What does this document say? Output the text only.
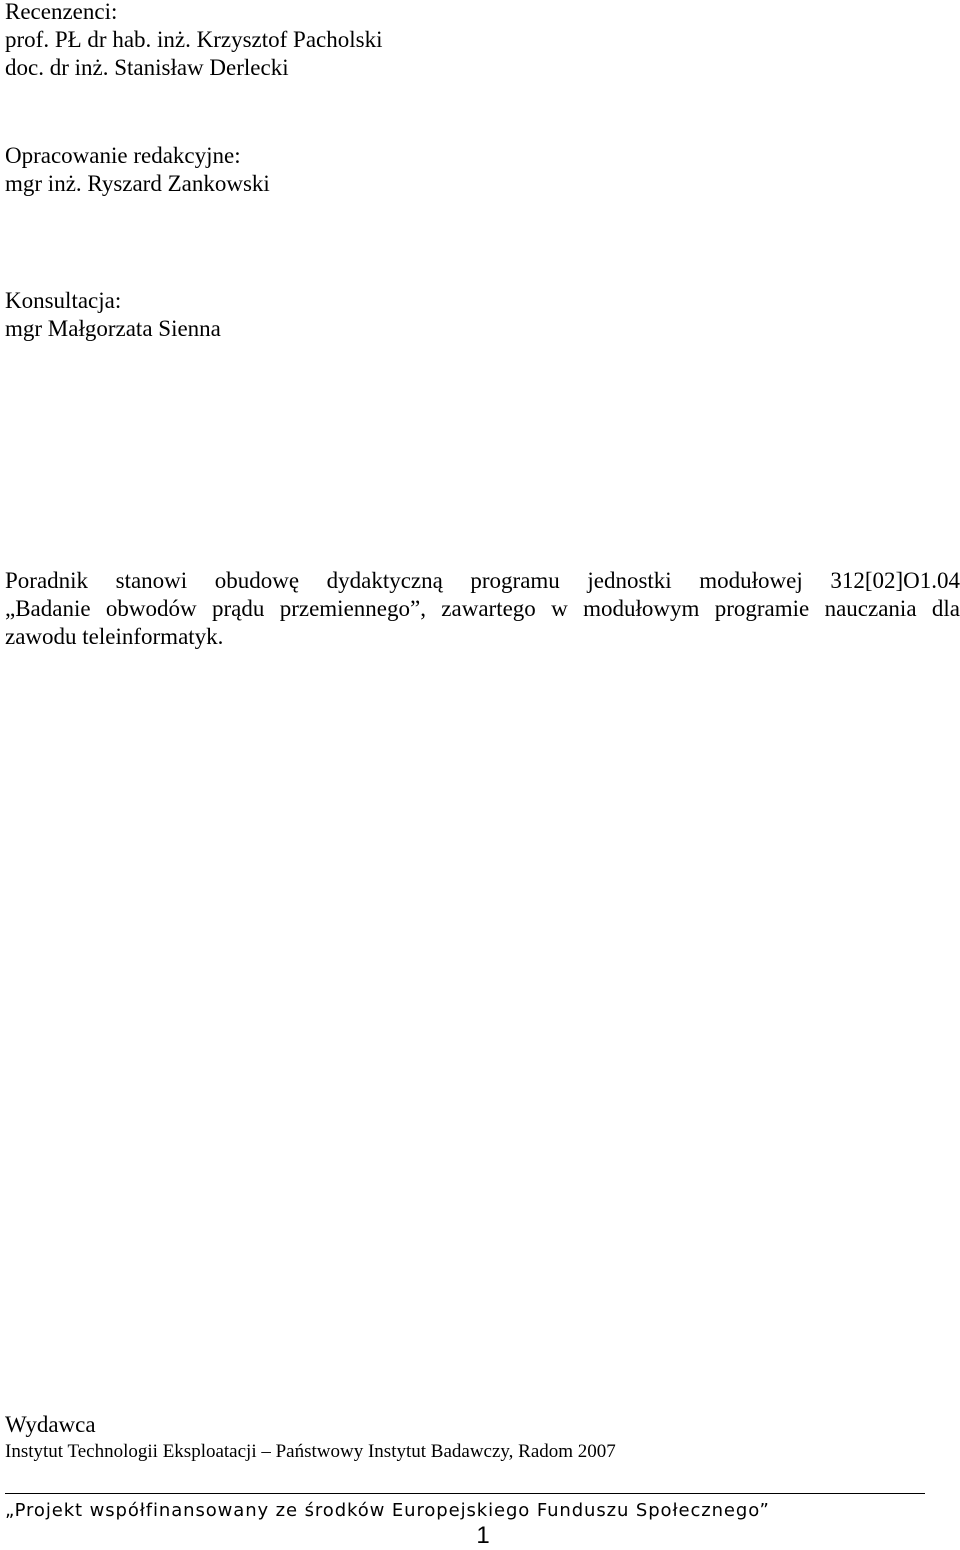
Recenzenci:
prof. PŁ dr hab. inż. Krzysztof Pacholski
doc. dr inż. Stanisław Derlecki
Opracowanie redakcyjne:
mgr inż. Ryszard Zankowski
Konsultacja:
mgr Małgorzata Sienna
Poradnik stanowi obudowę dydaktyczną programu jednostki modułowej 312[02]O1.04
„Badanie obwodów prądu przemiennego”, zawartego w modułowym programie nauczania dla
zawodu teleinformatyk.
Wydawca
Instytut Technologii Eksploatacji – Państwowy Instytut Badawczy, Radom 2007
„Projekt współfinansowany ze środków Europejskiego Funduszu Społecznego”
1
